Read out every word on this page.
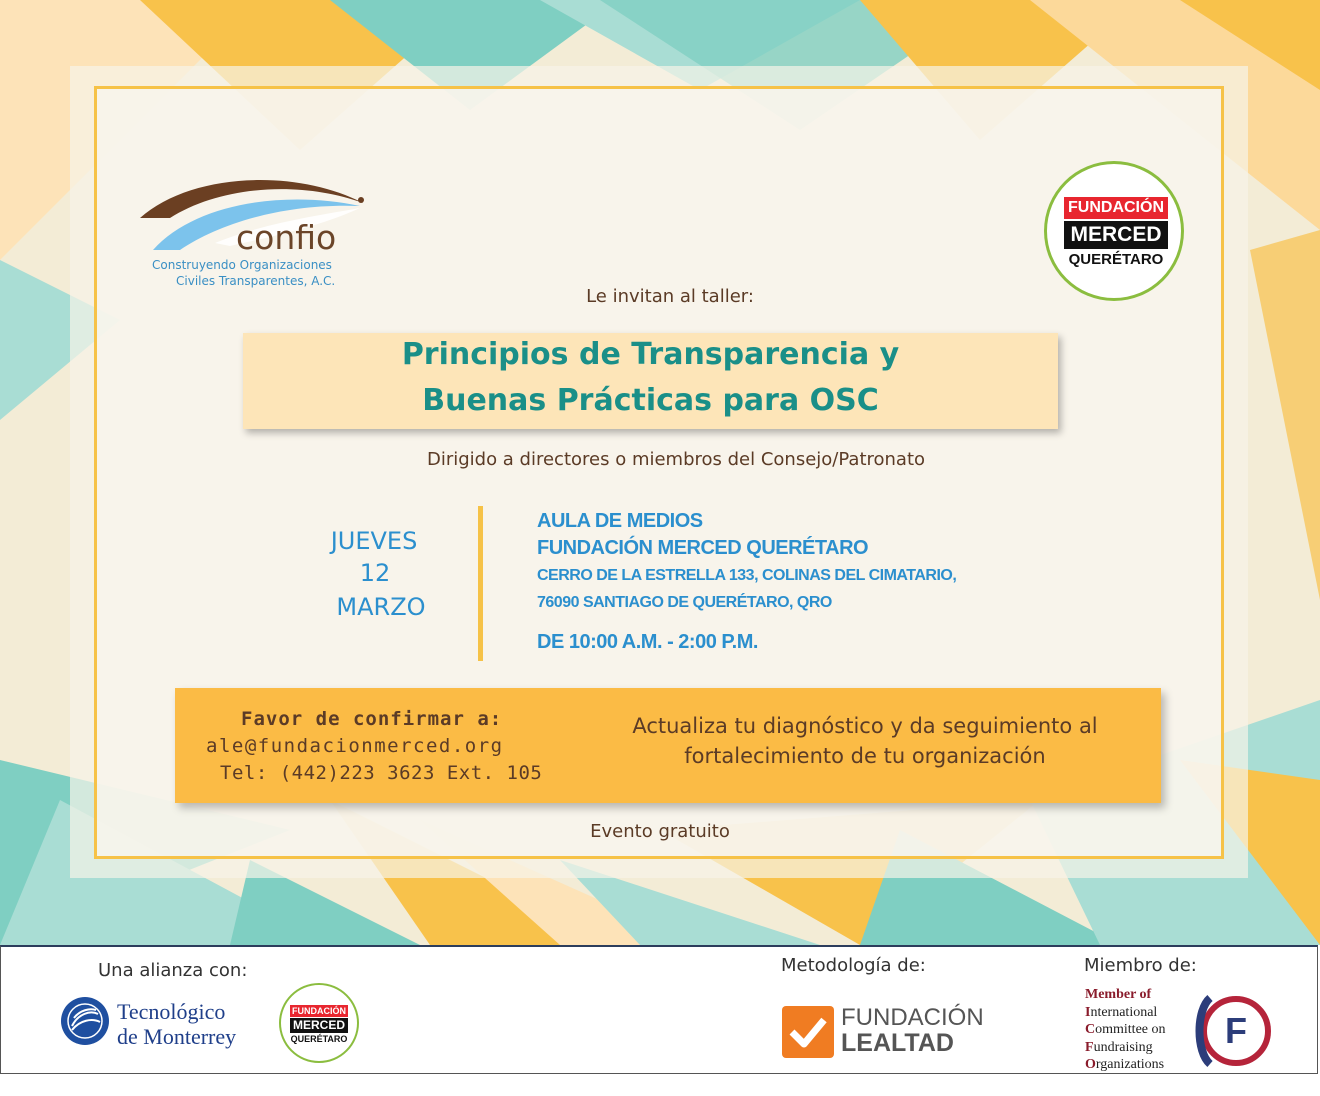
confio
Construyendo Organizaciones
Civiles Transparentes, A.C.
FUNDACIÓN
MERCED
QUERÉTARO
Le invitan al taller:
Principios de Transparencia y
Buenas Prácticas para OSC
Dirigido a directores o miembros del Consejo/Patronato
JUEVES
12
MARZO
AULA DE MEDIOS
FUNDACIÓN MERCED QUERÉTARO
CERRO DE LA ESTRELLA 133, COLINAS DEL CIMATARIO,
76090 SANTIAGO DE QUERÉTARO, QRO
DE 10:00 A.M. - 2:00 P.M.
Favor de confirmar a:
ale@fundacionmerced.org
Tel: (442)223 3623 Ext. 105
Actualiza tu diagnóstico y da seguimiento al
fortalecimiento de tu organización
Evento gratuito
Una alianza con:
Tecnológico
de Monterrey
FUNDACIÓN
MERCED
QUERÉTARO
Metodología de:
FUNDACIÓN
LEALTAD
Miembro de:
Member of
International
Committee on
Fundraising
Organizations
F
